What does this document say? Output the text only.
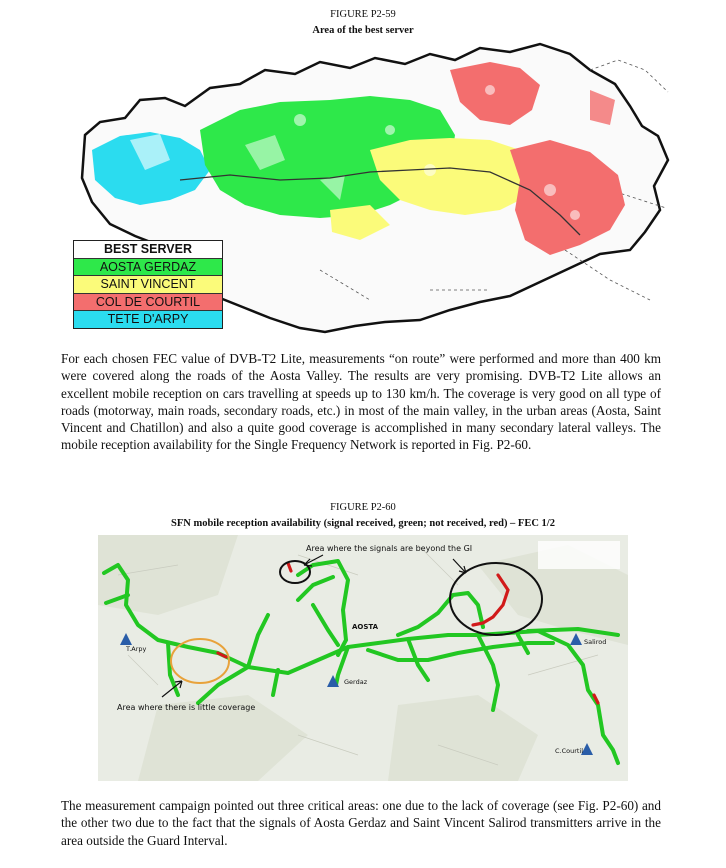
FIGURE P2-59
Area of the best server
BEST SERVER
AOSTA GERDAZ
SAINT VINCENT
COL DE COURTIL
TETE D'ARPY
For each chosen FEC value of DVB-T2 Lite, measurements “on route” were performed and more than 400 km were covered along the roads of the Aosta Valley. The results are very promising. DVB-T2 Lite allows an excellent mobile reception on cars travelling at speeds up to 130 km/h. The coverage is very good on all type of roads (motorway, main roads, secondary roads, etc.) in most of the main valley, in the urban areas (Aosta, Saint Vincent and Chatillon) and also a quite good coverage is accomplished in many secondary lateral valleys. The mobile reception availability for the Single Frequency Network is reported in Fig. P2-60.
FIGURE P2-60
SFN mobile reception availability (signal received, green; not received, red) – FEC 1/2
Area where the signals are beyond the GI
Area where there is little coverage
AOSTA
T.Arpy
Gerdaz
Salirod
C.Courtil
The measurement campaign pointed out three critical areas: one due to the lack of coverage (see Fig. P2-60) and the other two due to the fact that the signals of Aosta Gerdaz and Saint Vincent Salirod transmitters arrive in the area outside the Guard Interval.
